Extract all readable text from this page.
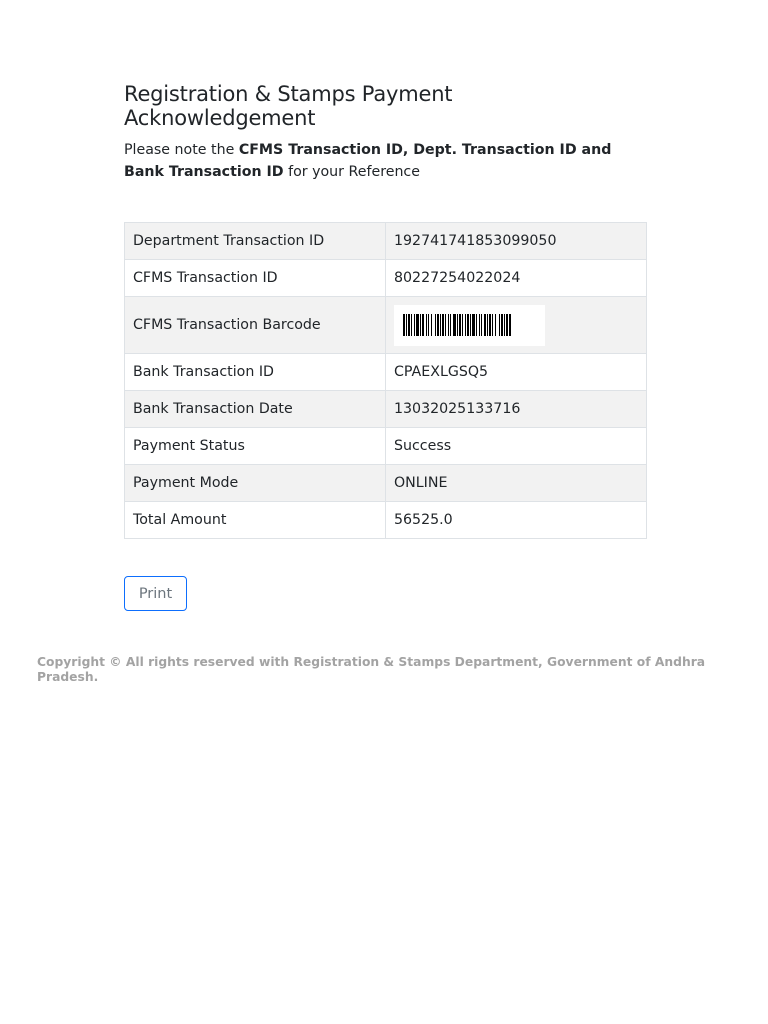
Registration & Stamps Payment
Acknowledgement
Please note the CFMS Transaction ID, Dept. Transaction ID and
Bank Transaction ID for your Reference
Department Transaction ID	192741741853099050
CFMS Transaction ID	80227254022024
CFMS Transaction Barcode	

Bank Transaction ID	CPAEXLGSQ5
Bank Transaction Date	13032025133716
Payment Status	Success
Payment Mode	ONLINE
Total Amount	56525.0
Print
Copyright © All rights reserved with Registration & Stamps Department, Government of Andhra Pradesh.
